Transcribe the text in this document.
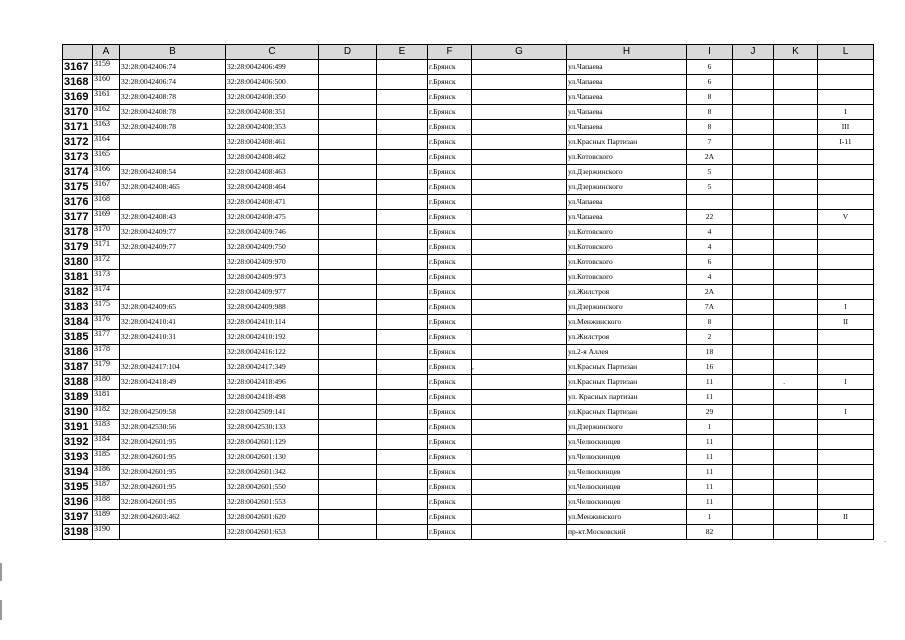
.
.
	A	B	C	D	E	F	G	H	I	J	K	L
3167	3159	32:28:0042406:74	32:28:0042406:499			г.Брянск		ул.Чапаева	6			
3168	3160	32:28:0042406:74	32:28:0042406:500			г.Брянск		ул.Чапаева	6			
3169	3161	32:28:0042408:78	32:28:0042408:350			г.Брянск		ул.Чапаева	8			
3170	3162	32:28:0042408:78	32:28:0042408:351			г.Брянск		ул.Чапаева	8			I
3171	3163	32:28:0042408:78	32:28:0042408:353			г.Брянск		ул.Чапаева	8			III
3172	3164		32:28:0042408:461			г.Брянск		ул.Красных Партизан	7			I-11
3173	3165		32:28:0042408:462			г.Брянск		ул.Котовского	2А			
3174	3166	32:28:0042408:54	32:28:0042408:463			г.Брянск		ул.Дзержинского	5			
3175	3167	32:28:0042408:465	32:28:0042408:464			г.Брянск		ул.Дзержинского	5			
3176	3168		32:28:0042408:471			г.Брянск		ул.Чапаева				
3177	3169	32:28:0042408:43	32:28:0042408:475			г.Брянск		ул.Чапаева	22			V
3178	3170	32:28:0042409:77	32:28:0042409:746			г.Брянск		ул.Котовского	4			
3179	3171	32:28:0042409:77	32:28:0042409:750			г.Брянск		ул.Котовского	4			
3180	3172		32:28:0042409:970			г.Брянск		ул.Котовского	6			
3181	3173		32:28:0042409:973			г.Брянск		ул.Котовского	4			
3182	3174		32:28:0042409:977			г.Брянск		ул.Жилстроя	2А			
3183	3175	32:28:0042409:65	32:28:0042409:988			г.Брянск		ул.Дзержинского	7А			I
3184	3176	32:28:0042410:41	32:28:0042410:114			г.Брянск		ул.Менжинского	8			II
3185	3177	32:28:0042410:31	32:28:0042410:192			г.Брянск		ул.Жилстроя	2			
3186	3178		32:28:0042416:122			г.Брянск		ул.2-я Аллея	18			
3187	3179	32:28:0042417:104	32:28:0042417:349			г.Брянск	,	ул.Красных Партизан	16			
3188	3180	32:28:0042418:49	32:28:0042418:496			г.Брянск		ул.Красных Партизан	11			I
3189	3181		32:28:0042418:498			г.Брянск		ул. Красных партизан	11			
3190	3182	32:28:0042509:58	32:28:0042509:141			г.Брянск		ул.Красных Партизан	29			I
3191	3183	32:28:0042530:56	32:28:0042530:133			г.Брянск		ул.Дзержинского	1			
3192	3184	32:28:0042601:95	32:28:0042601:129			г.Брянск		ул.Челюскинцев	11			
3193	3185	32:28:0042601:95	32:28:0042601:130			г.Брянск		ул.Челюскинцев	11			
3194	3186	32:28:0042601:95	32:28:0042601:342			г.Брянск		ул.Челюскинцев	11			
3195	3187	32:28:0042601:95	32:28:0042601:550			г.Брянск		ул.Челюскинцев	11			
3196	3188	32:28:0042601:95	32:28:0042601:553			г.Брянск		ул.Челюскинцев	11			
3197	3189	32:28:0042603:462	32:28:0042601:620			г.Брянск		ул.Менжинского	1			II
3198	3190		32:28:0042601:653			г.Брянск		пр-кт.Московский	82			
